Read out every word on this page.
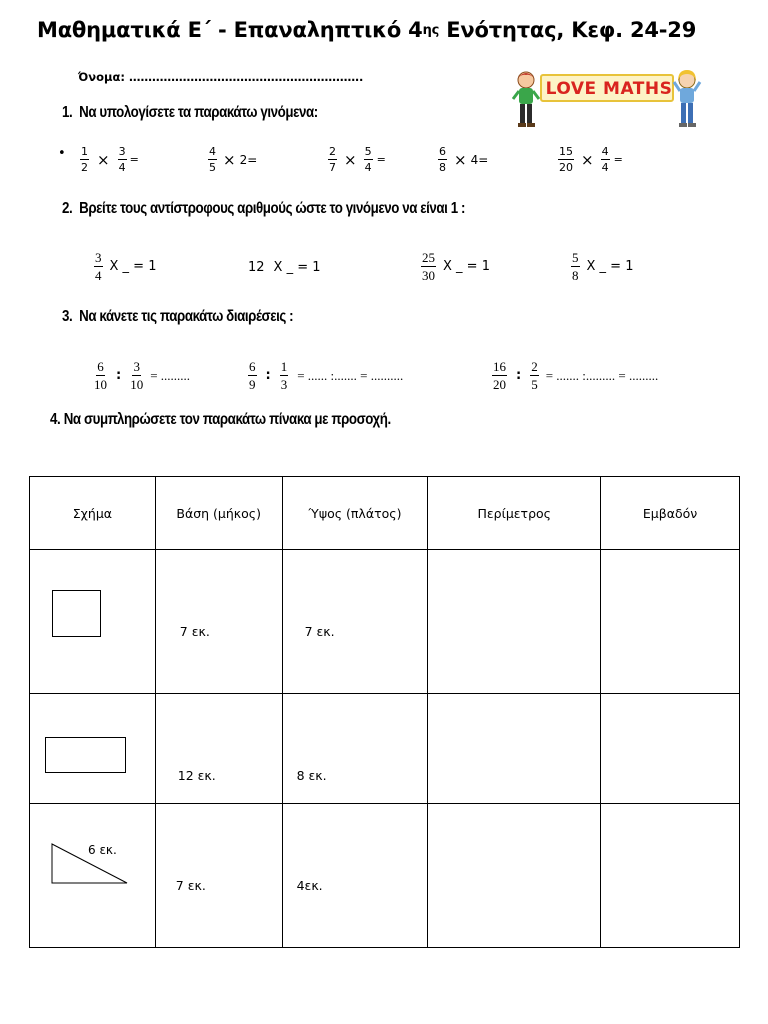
Μαθηματικά Ε΄ - Επαναληπτικό $4^{\eta\varsigma}$ Ενότητας, Κεφ. 24-29
Όνομα: …………………………………………………….
LOVE MATHS
1. Να υπολογίσετε τα παρακάτω γινόμενα:
• $\frac{1}{2} \times \frac{3}{4}$ =	$\frac{4}{5} \times 2=$	$\frac{2}{7} \times \frac{5}{4}$ =	$\frac{6}{8} \times 4=$	$\frac{15}{20} \times \frac{4}{4}$ =
2. Βρείτε τους αντίστροφους αριθμούς ώστε το γινόμενο να είναι 1 :
$\frac{3}{4}$ X _ = 1	12 X _ = 1	$\frac{25}{30}$ X _ = 1	$\frac{5}{8}$ X _ = 1
3. Να κάνετε τις παρακάτω διαιρέσεις :
$\frac{6}{10}$ : $\frac{3}{10}$ = .........	$\frac{6}{9}$ : $\frac{1}{3}$ = ...... :....... = ..........	$\frac{16}{20}$ : $\frac{2}{5}$ = ....... :......... = .........
4. Να συμπληρώσετε τον παρακάτω πίνακα με προσοχή.
Σχήμα	Βάση (μήκος)	Ύψος (πλάτος)	Περίμετρος	Εμβαδόν

	7 εκ.	7 εκ.		

	12 εκ.	8 εκ.		

6 εκ.	7 εκ.	4εκ.		
